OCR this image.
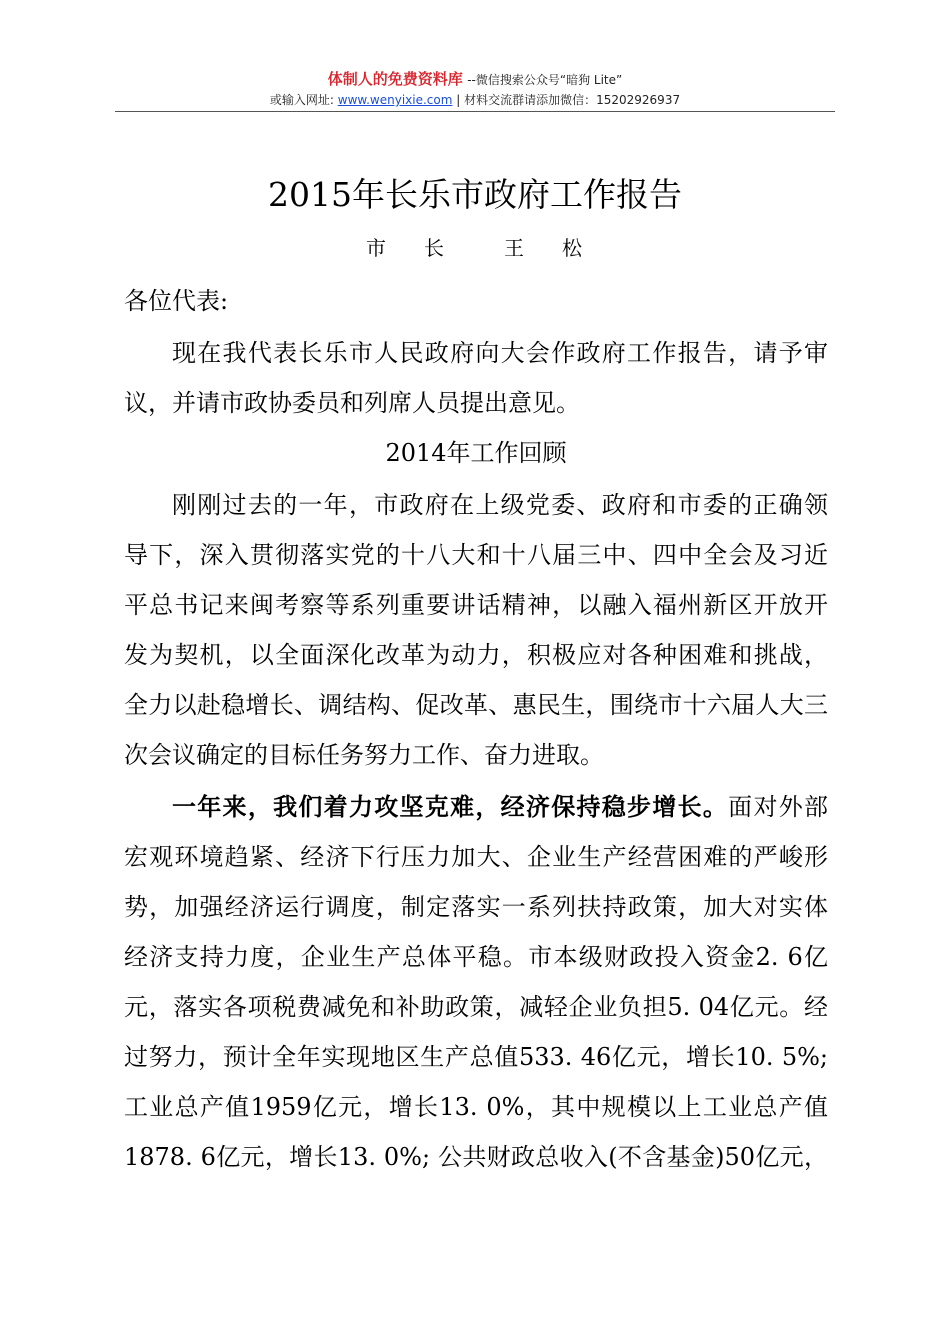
体制人的免费资料库 --微信搜索公众号“暗狗 Lite”
或输入网址: www.wenyixie.com | 材料交流群请添加微信：15202926937
2015年长乐市政府工作报告
市 长	王 松
各位代表:
现在我代表长乐市人民政府向大会作政府工作报告，请予审
议，并请市政协委员和列席人员提出意见。
2014年工作回顾
刚刚过去的一年，市政府在上级党委、政府和市委的正确领
导下，深入贯彻落实党的十八大和十八届三中、四中全会及习近
平总书记来闽考察等系列重要讲话精神，以融入福州新区开放开
发为契机，以全面深化改革为动力，积极应对各种困难和挑战，
全力以赴稳增长、调结构、促改革、惠民生，围绕市十六届人大三
次会议确定的目标任务努力工作、奋力进取。
一年来，我们着力攻坚克难，经济保持稳步增长。面对外部
宏观环境趋紧、经济下行压力加大、企业生产经营困难的严峻形
势，加强经济运行调度，制定落实一系列扶持政策，加大对实体
经济支持力度，企业生产总体平稳。市本级财政投入资金2. 6亿
元，落实各项税费减免和补助政策，减轻企业负担5. 04亿元。经
过努力，预计全年实现地区生产总值533. 46亿元，增长10. 5%;
工业总产值1959亿元，增长13. 0%，其中规模以上工业总产值
1878. 6亿元，增长13. 0%; 公共财政总收入(不含基金)50亿元，
